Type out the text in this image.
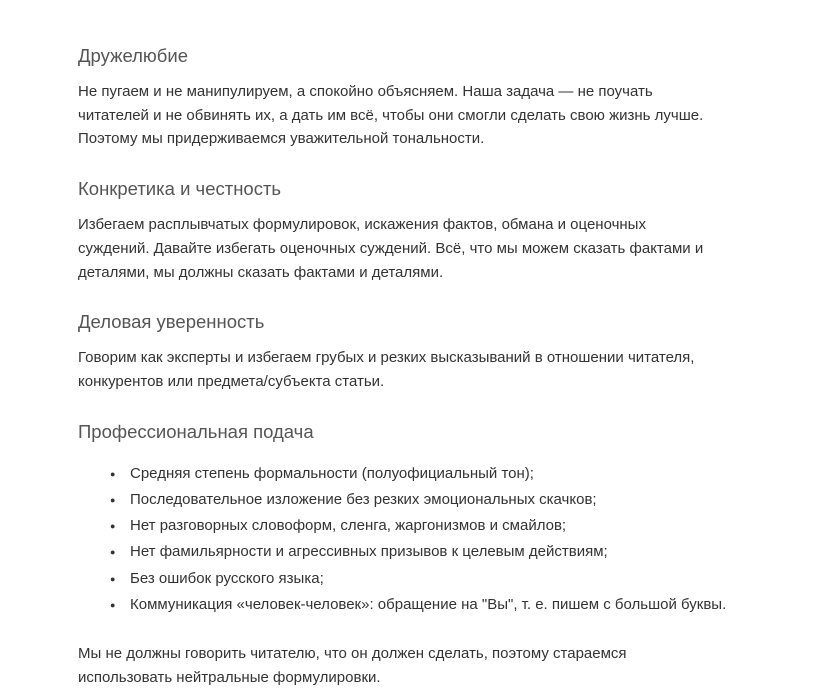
Дружелюбие

Не пугаем и не манипулируем, а спокойно объясняем. Наша задача — не поучать читателей и не обвинять их, а дать им всё, чтобы они смогли сделать свою жизнь лучше. Поэтому мы придерживаемся уважительной тональности.

Конкретика и честность

Избегаем расплывчатых формулировок, искажения фактов, обмана и оценочных суждений. Давайте избегать оценочных суждений. Всё, что мы можем сказать фактами и деталями, мы должны сказать фактами и деталями.

Деловая уверенность

Говорим как эксперты и избегаем грубых и резких высказываний в отношении читателя, конкурентов или предмета/субъекта статьи.

Профессиональная подача
● Средняя степень формальности (полуофициальный тон);
● Последовательное изложение без резких эмоциональных скачков;
● Нет разговорных словоформ, сленга, жаргонизмов и смайлов;
● Нет фамильярности и агрессивных призывов к целевым действиям;
● Без ошибок русского языка;
● Коммуникация «человек-человек»: обращение на "Вы", т. е. пишем с большой буквы.

Мы не должны говорить читателю, что он должен сделать, поэтому стараемся использовать нейтральные формулировки.
